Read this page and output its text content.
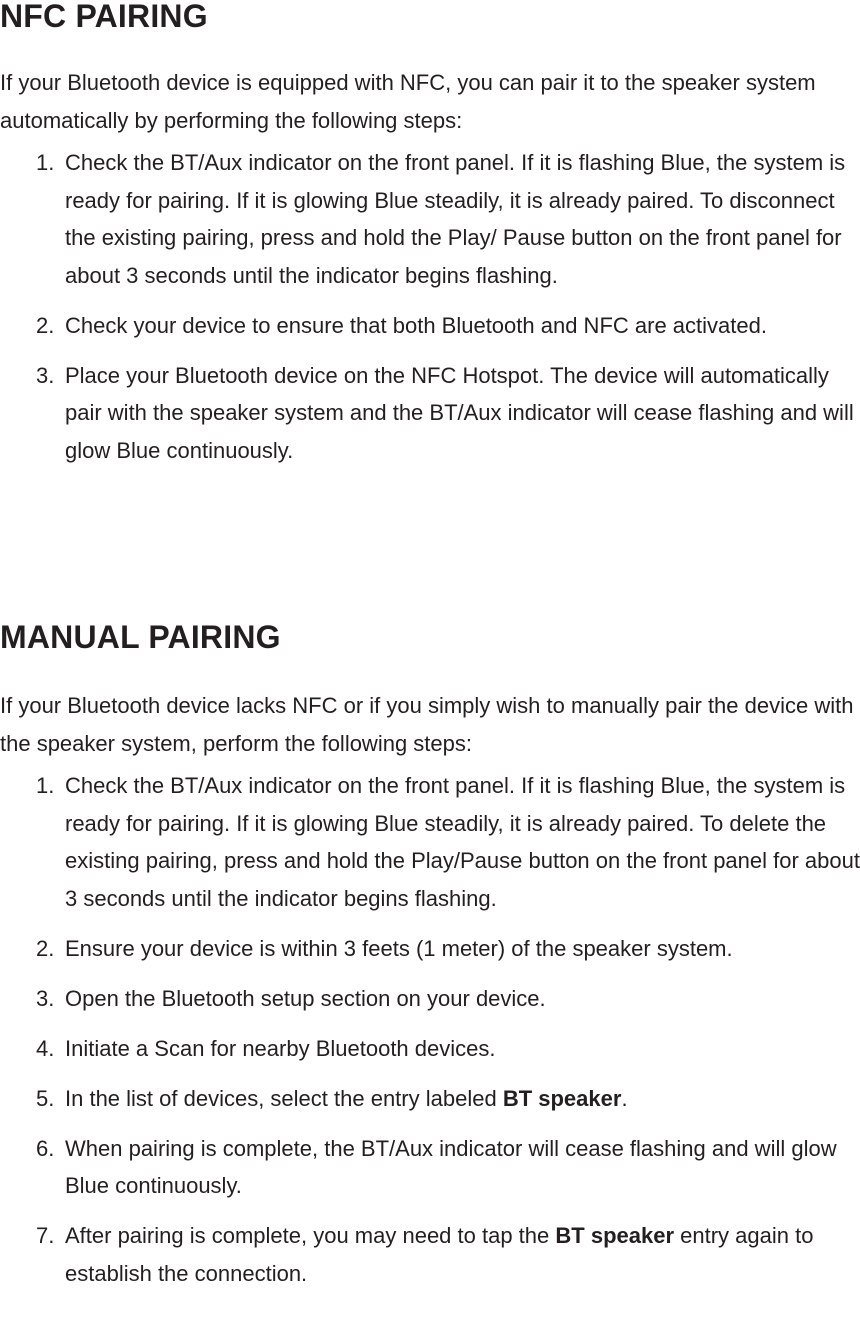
NFC PAIRING

If your Bluetooth device is equipped with NFC, you can pair it to the speaker system automatically by performing the following steps:

1. Check the BT/Aux indicator on the front panel. If it is flashing Blue, the system is ready for pairing. If it is glowing Blue steadily, it is already paired. To disconnect the existing pairing, press and hold the Play/ Pause button on the front panel for about 3 seconds until the indicator begins flashing.
2. Check your device to ensure that both Bluetooth and NFC are activated.
3. Place your Bluetooth device on the NFC Hotspot. The device will automatically pair with the speaker system and the BT/Aux indicator will cease flashing and will glow Blue continuously.
MANUAL PAIRING

If your Bluetooth device lacks NFC or if you simply wish to manually pair the device with the speaker system, perform the following steps:

1. Check the BT/Aux indicator on the front panel. If it is flashing Blue, the system is ready for pairing. If it is glowing Blue steadily, it is already paired. To delete the existing pairing, press and hold the Play/Pause button on the front panel for about 3 seconds until the indicator begins flashing.
2. Ensure your device is within 3 feets (1 meter) of the speaker system.
3. Open the Bluetooth setup section on your device.
4. Initiate a Scan for nearby Bluetooth devices.
5. In the list of devices, select the entry labeled BT speaker.
6. When pairing is complete, the BT/Aux indicator will cease flashing and will glow Blue continuously.
7. After pairing is complete, you may need to tap the BT speaker entry again to establish the connection.
